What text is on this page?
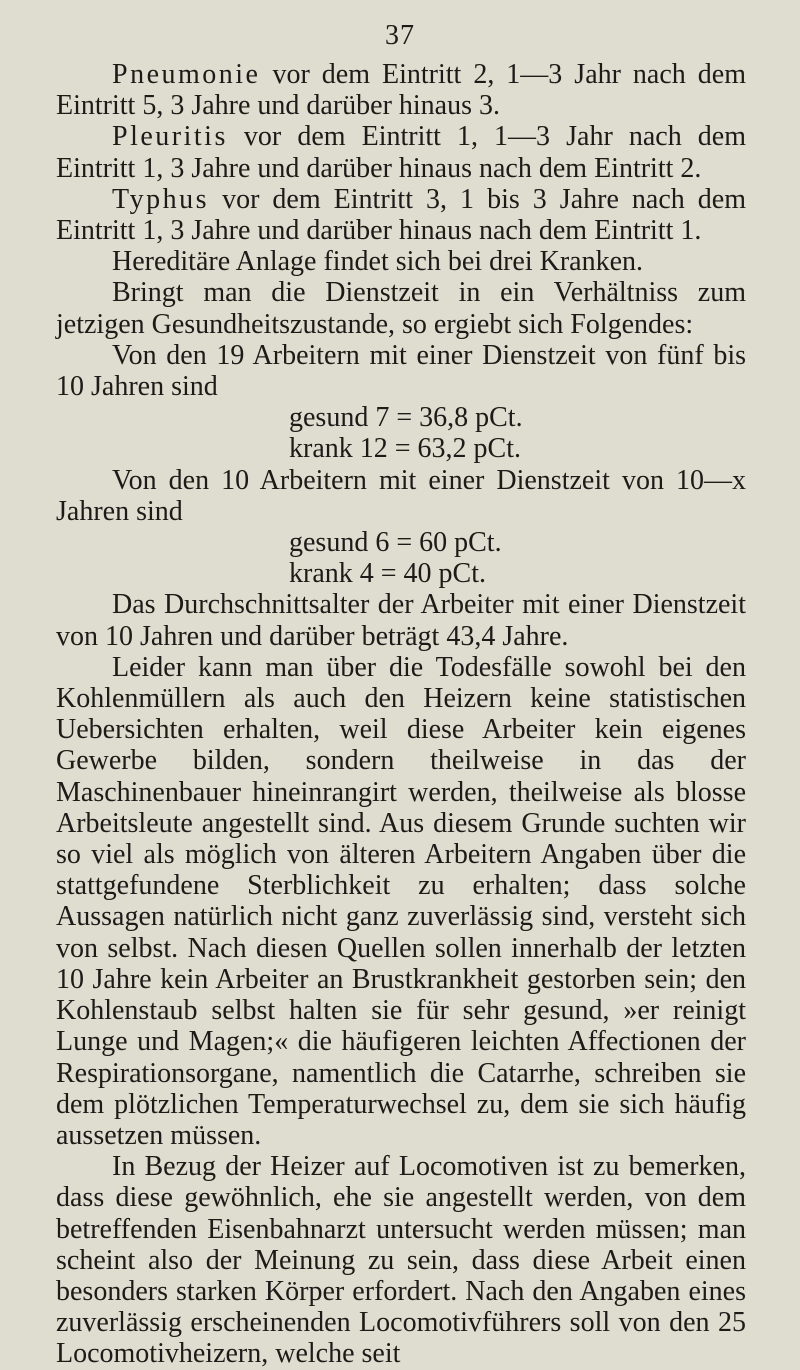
37

Pneumonie vor dem Eintritt 2, 1—3 Jahr nach dem Eintritt 5, 3 Jahre und darüber hinaus 3.

Pleuritis vor dem Eintritt 1, 1—3 Jahr nach dem Eintritt 1, 3 Jahre und darüber hinaus nach dem Eintritt 2.

Typhus vor dem Eintritt 3, 1 bis 3 Jahre nach dem Eintritt 1, 3 Jahre und darüber hinaus nach dem Eintritt 1.

Hereditäre Anlage findet sich bei drei Kranken.

Bringt man die Dienstzeit in ein Verhältniss zum jetzigen Gesundheitszustande, so ergiebt sich Folgendes:

Von den 19 Arbeitern mit einer Dienstzeit von fünf bis 10 Jahren sind

gesund 7 = 36,8 pCt.
krank 12 = 63,2 pCt.

Von den 10 Arbeitern mit einer Dienstzeit von 10—x Jahren sind

gesund 6 = 60 pCt.
krank 4 = 40 pCt.

Das Durchschnittsalter der Arbeiter mit einer Dienstzeit von 10 Jahren und darüber beträgt 43,4 Jahre.

Leider kann man über die Todesfälle sowohl bei den Kohlenmüllern als auch den Heizern keine statistischen Uebersichten erhalten, weil diese Arbeiter kein eigenes Gewerbe bilden, sondern theilweise in das der Maschinenbauer hineinrangirt werden, theilweise als blosse Arbeitsleute angestellt sind. Aus diesem Grunde suchten wir so viel als möglich von älteren Arbeitern Angaben über die stattgefundene Sterblichkeit zu erhalten; dass solche Aussagen natürlich nicht ganz zuverlässig sind, versteht sich von selbst. Nach diesen Quellen sollen innerhalb der letzten 10 Jahre kein Arbeiter an Brustkrankheit gestorben sein; den Kohlenstaub selbst halten sie für sehr gesund, »er reinigt Lunge und Magen;« die häufigeren leichten Affectionen der Respirationsorgane, namentlich die Catarrhe, schreiben sie dem plötzlichen Temperaturwechsel zu, dem sie sich häufig aussetzen müssen.

In Bezug der Heizer auf Locomotiven ist zu bemerken, dass diese gewöhnlich, ehe sie angestellt werden, von dem betreffenden Eisenbahnarzt untersucht werden müssen; man scheint also der Meinung zu sein, dass diese Arbeit einen besonders starken Körper erfordert. Nach den Angaben eines zuverlässig erscheinenden Locomotivführers soll von den 25 Locomotivheizern, welche seit
